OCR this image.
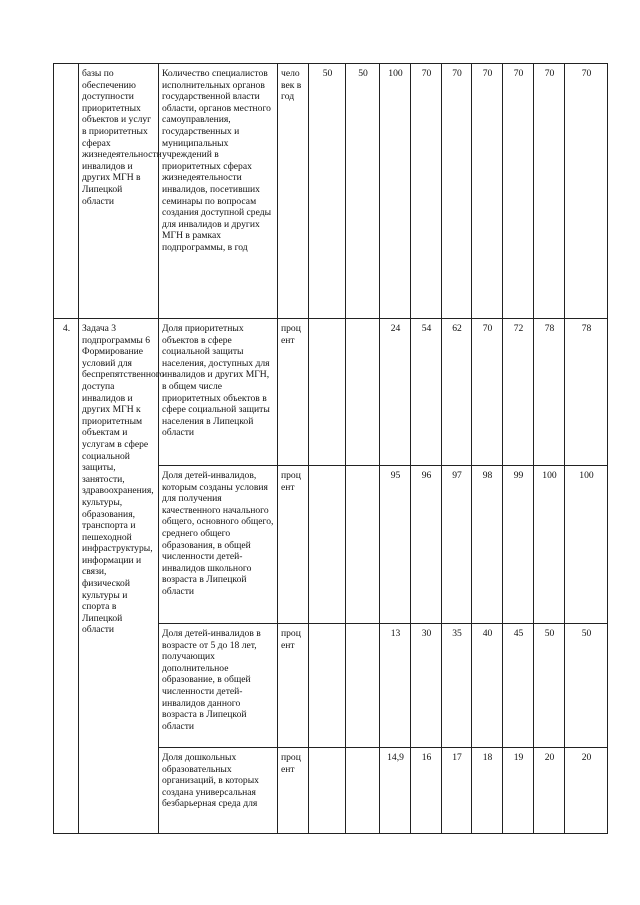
	базы по обеспечению доступности приоритетных объектов и услуг в приоритетных сферах жизнедеятельности инвалидов и других МГН в Липецкой области	Количество специалистов исполнительных органов государственной власти области, органов местного самоуправления, государственных и муниципальных учреждений в приоритетных сферах жизнедеятельности инвалидов, посетивших семинары по вопросам создания доступной среды для инвалидов и других МГН в рамках подпрограммы, в год	чело век в год	50	50	100	70	70	70	70	70	70
4.	Задача 3 подпрограммы 6 Формирование условий для беспрепятственного доступа инвалидов и других МГН к приоритетным объектам и услугам в сфере социальной защиты, занятости, здравоохранения, культуры, образования, транспорта и пешеходной инфраструктуры, информации и связи, физической культуры и спорта в Липецкой области	Доля приоритетных объектов в сфере социальной защиты населения, доступных для инвалидов и других МГН, в общем числе приоритетных объектов в сфере социальной защиты населения в Липецкой области	проц ент			24	54	62	70	72	78	78
		Доля детей-инвалидов, которым созданы условия для получения качественного начального общего, основного общего, среднего общего образования, в общей численности детей-инвалидов школьного возраста в Липецкой области	проц ент			95	96	97	98	99	100	100
		Доля детей-инвалидов в возрасте от 5 до 18 лет, получающих дополнительное образование, в общей численности детей-инвалидов данного возраста в Липецкой области	проц ент			13	30	35	40	45	50	50
		Доля дошкольных образовательных организаций, в которых создана универсальная безбарьерная среда для	проц ент			14,9	16	17	18	19	20	20
